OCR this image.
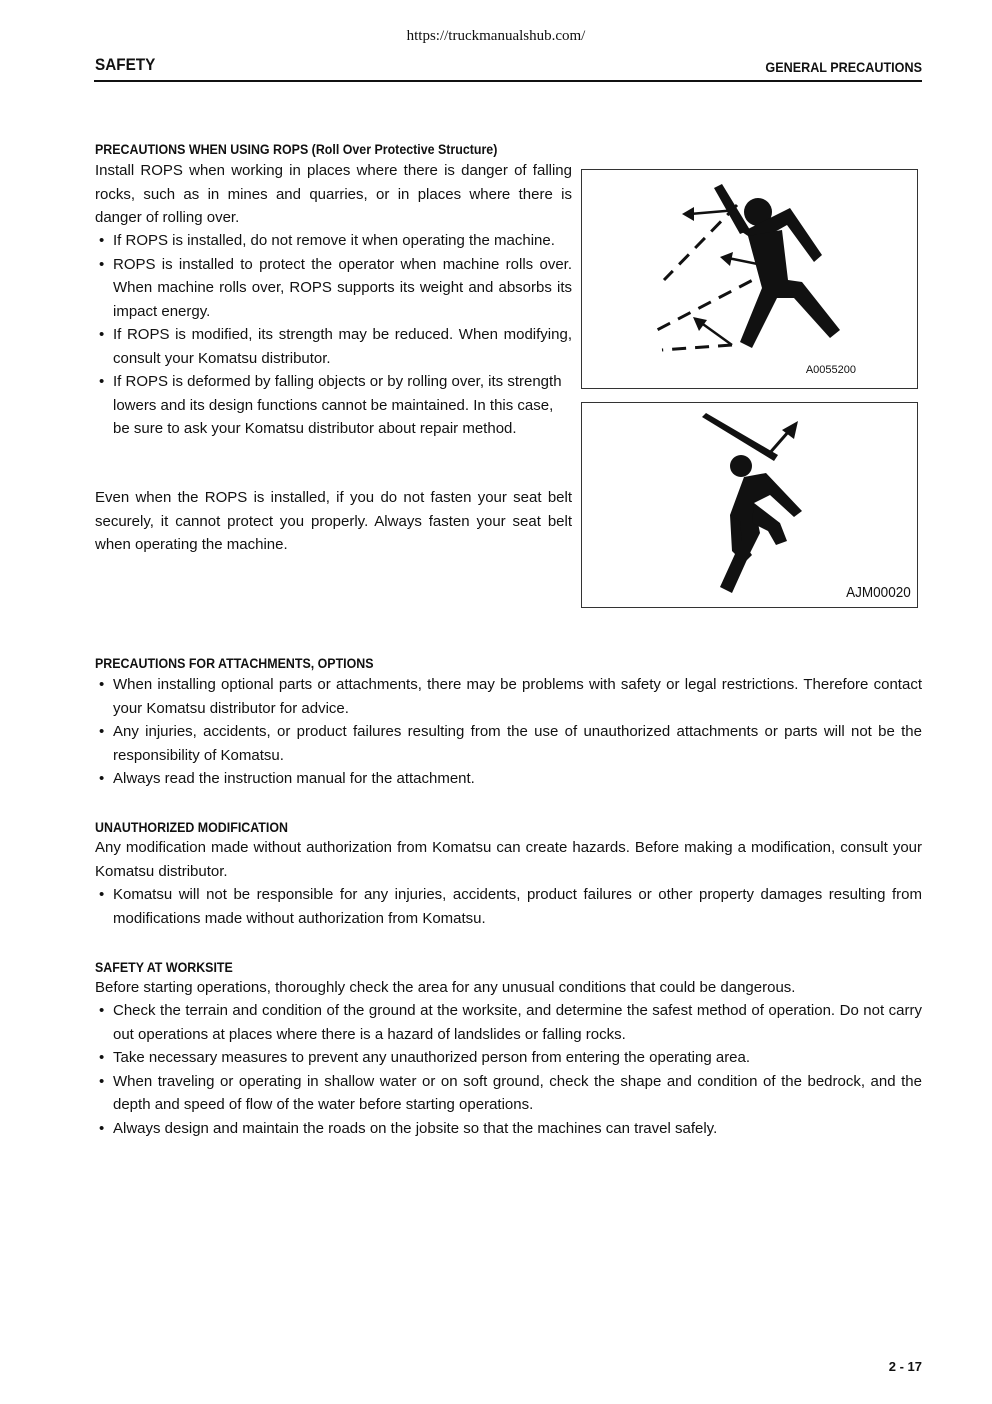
https://truckmanualshub.com/
SAFETY	GENERAL PRECAUTIONS
PRECAUTIONS WHEN USING ROPS (Roll Over Protective Structure)

Install ROPS when working in places where there is danger of falling rocks, such as in mines and quarries, or in places where there is danger of rolling over.

• If ROPS is installed, do not remove it when operating the machine.
• ROPS is installed to protect the operator when machine rolls over. When machine rolls over, ROPS supports its weight and absorbs its impact energy.
• If ROPS is modified, its strength may be reduced. When modifying, consult your Komatsu distributor.
• If ROPS is deformed by falling objects or by rolling over, its strength lowers and its design functions cannot be maintained. In this case, be sure to ask your Komatsu distributor about repair method.

Even when the ROPS is installed, if you do not fasten your seat belt securely, it cannot protect you properly. Always fasten your seat belt when operating the machine.

A0055200
AJM00020
PRECAUTIONS FOR ATTACHMENTS, OPTIONS
• When installing optional parts or attachments, there may be problems with safety or legal restrictions. Therefore contact your Komatsu distributor for advice.
• Any injuries, accidents, or product failures resulting from the use of unauthorized attachments or parts will not be the responsibility of Komatsu.
• Always read the instruction manual for the attachment.
UNAUTHORIZED MODIFICATION

Any modification made without authorization from Komatsu can create hazards. Before making a modification, consult your Komatsu distributor.

• Komatsu will not be responsible for any injuries, accidents, product failures or other property damages resulting from modifications made without authorization from Komatsu.
SAFETY AT WORKSITE

Before starting operations, thoroughly check the area for any unusual conditions that could be dangerous.

• Check the terrain and condition of the ground at the worksite, and determine the safest method of operation. Do not carry out operations at places where there is a hazard of landslides or falling rocks.
• Take necessary measures to prevent any unauthorized person from entering the operating area.
• When traveling or operating in shallow water or on soft ground, check the shape and condition of the bedrock, and the depth and speed of flow of the water before starting operations.
• Always design and maintain the roads on the jobsite so that the machines can travel safely.
2 - 17
